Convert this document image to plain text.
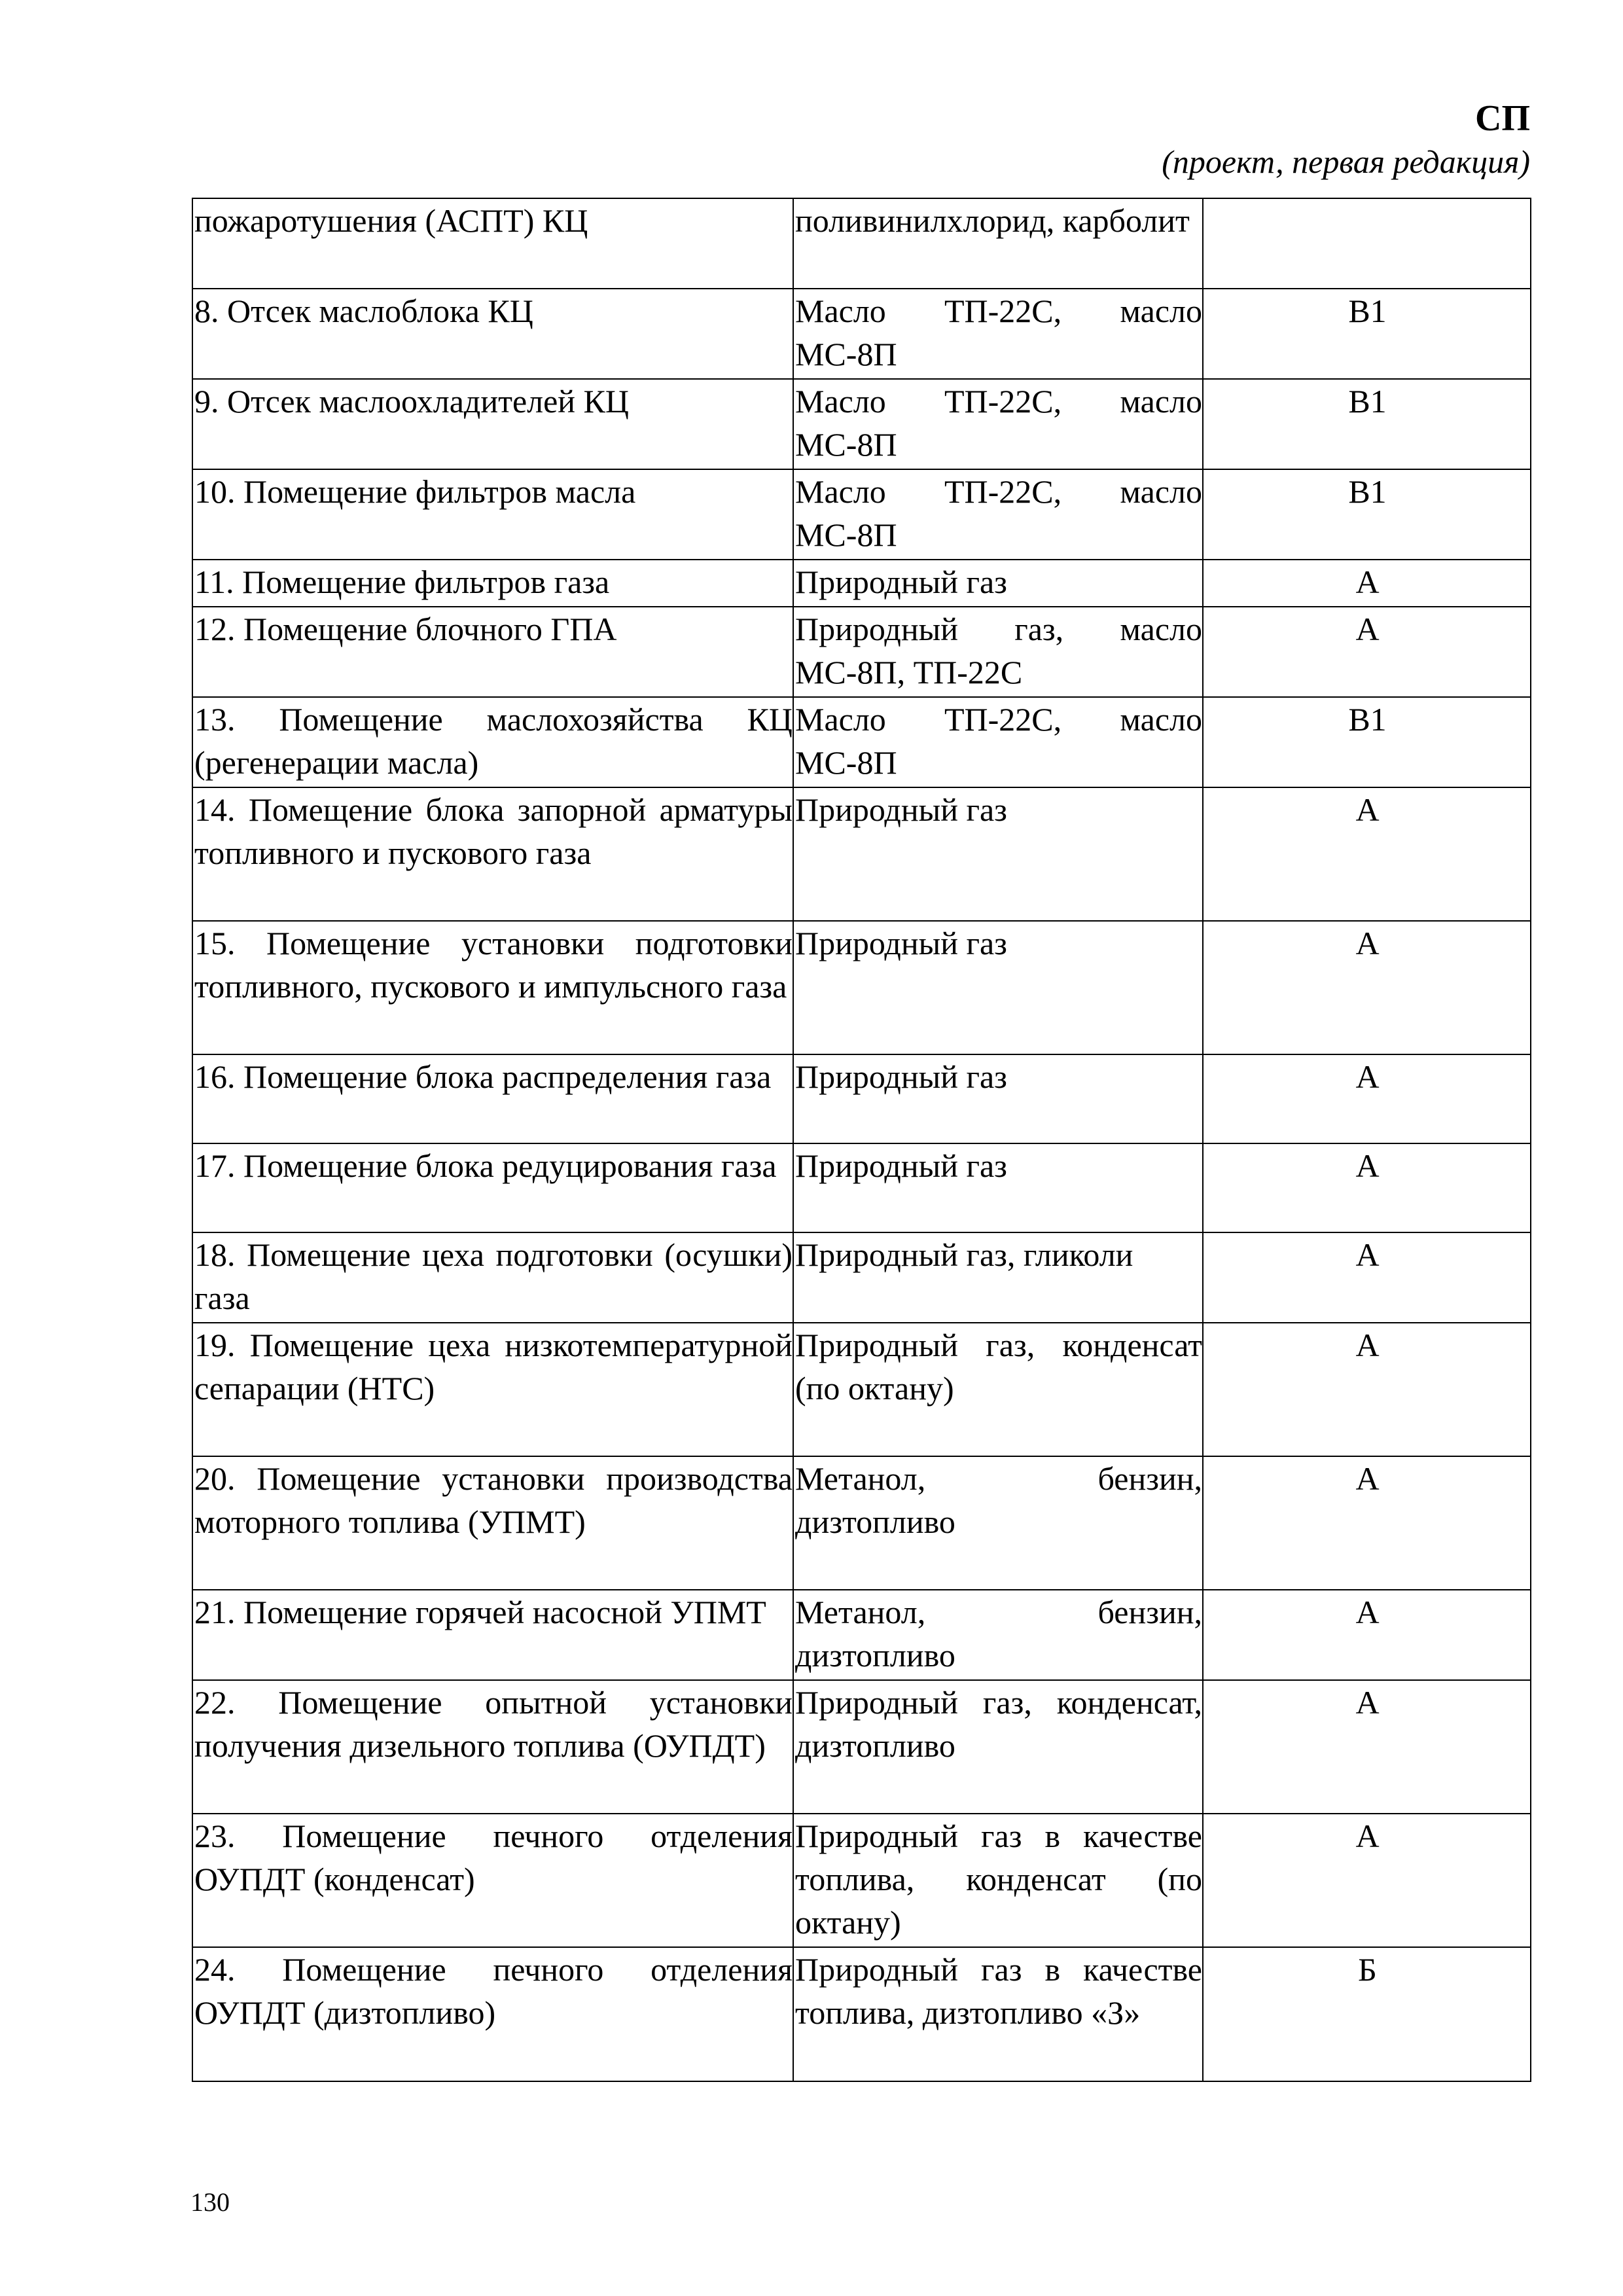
СП
(проект, первая редакция)
пожаротушения (АСПТ) КЦ	поливинилхлорид, карболит	
8. Отсек маслоблока КЦ	Масло ТП-22С, масло МС-8П	В1
9. Отсек маслоохладителей КЦ	Масло ТП-22С, масло МС-8П	В1
10. Помещение фильтров масла	Масло ТП-22С, масло МС-8П	В1
11. Помещение фильтров газа	Природный газ	А
12. Помещение блочного ГПА	Природный газ, масло МС-8П, ТП-22С	А
13. Помещение маслохозяйства КЦ (регенерации масла)	Масло ТП-22С, масло МС-8П	В1
14. Помещение блока запорной арматуры топливного и пускового газа	Природный газ	А
15. Помещение установки подготовки топливного, пускового и импульсного газа	Природный газ	А
16. Помещение блока распределения газа	Природный газ	А
17. Помещение блока редуцирования газа	Природный газ	А
18. Помещение цеха подготовки (осушки) газа	Природный газ, гликоли	А
19. Помещение цеха низкотемпературной сепарации (НТС)	Природный газ, конденсат (по октану)	А
20. Помещение установки производства моторного топлива (УПМТ)	Метанол, бензин, дизтопливо	А
21. Помещение горячей насосной УПМТ	Метанол, бензин, дизтопливо	А
22. Помещение опытной установки получения дизельного топлива (ОУПДТ)	Природный газ, конденсат, дизтопливо	А
23. Помещение печного отделения ОУПДТ (конденсат)	Природный газ в качестве топлива, конденсат (по октану)	А
24. Помещение печного отделения ОУПДТ (дизтопливо)	Природный газ в качестве топлива, дизтопливо «З»	Б
130
